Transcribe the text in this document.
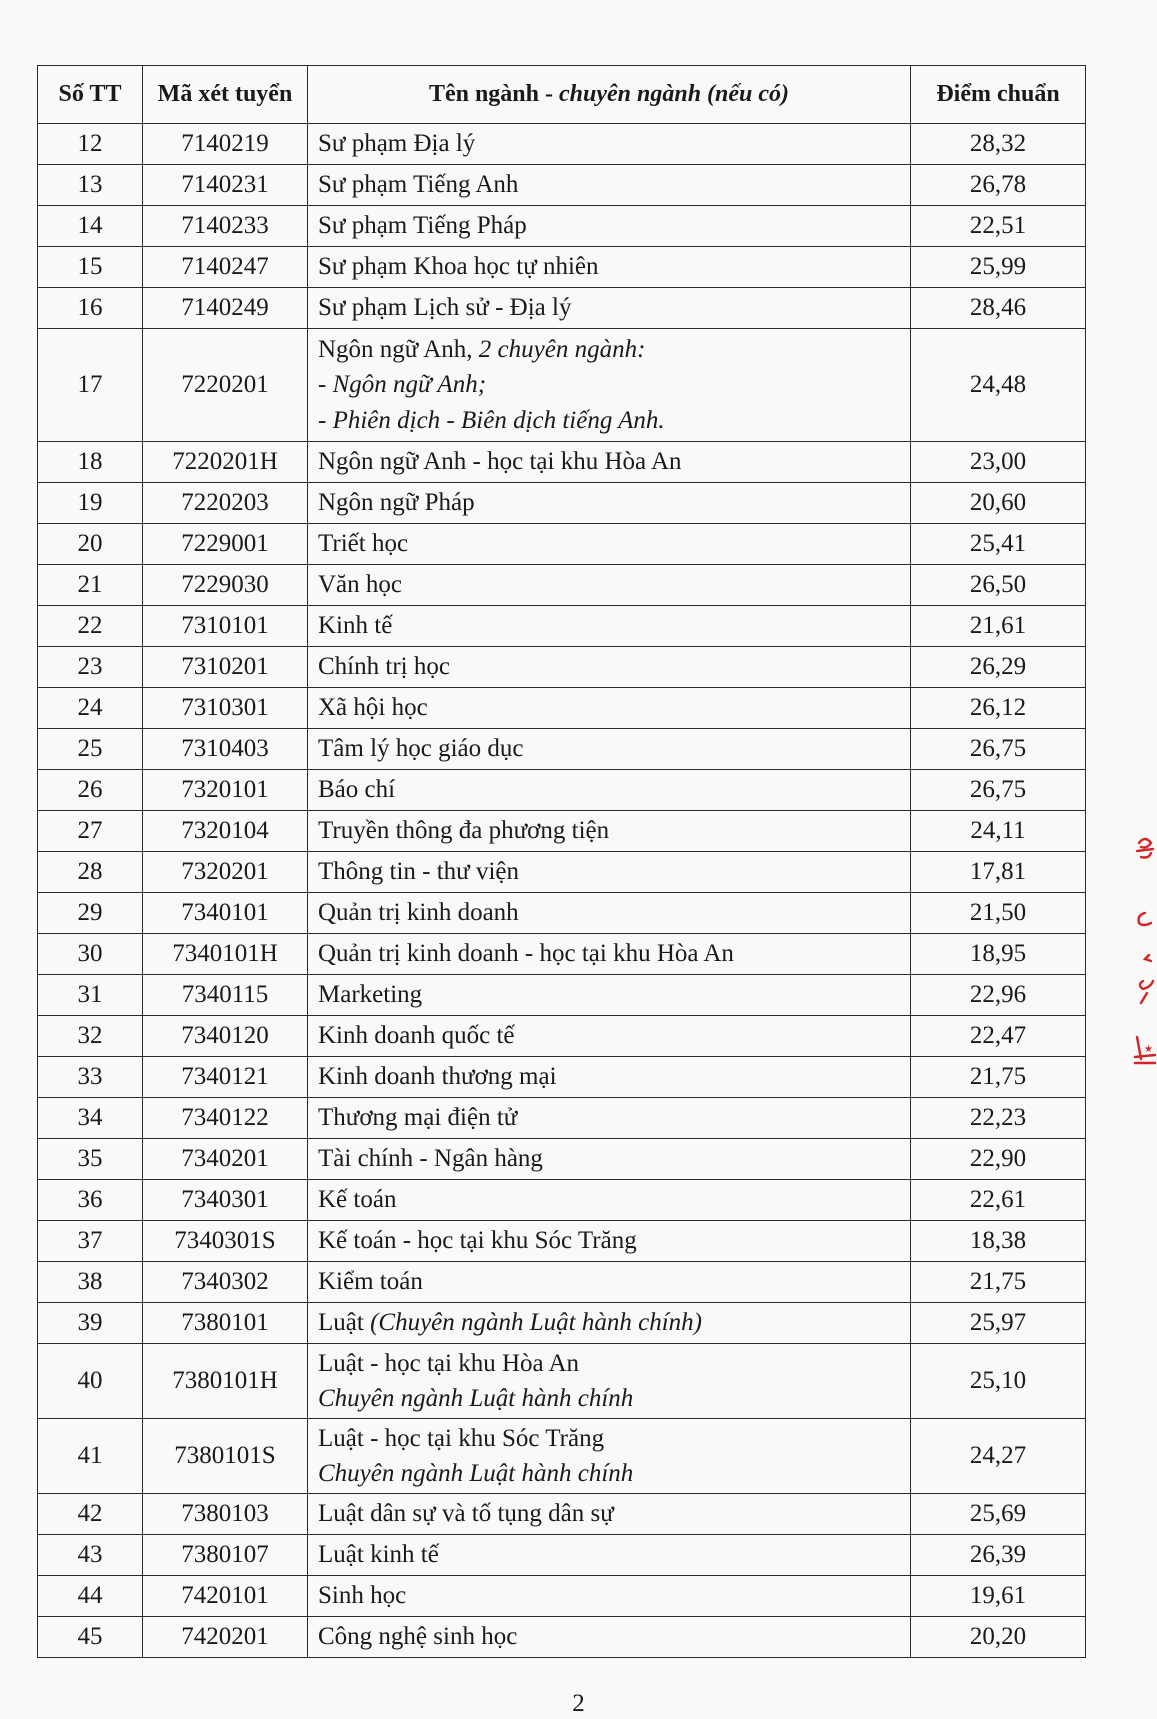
Số TT	Mã xét tuyển	Tên ngành - chuyên ngành (nếu có)	Điểm chuẩn
12	7140219	Sư phạm Địa lý	28,32
13	7140231	Sư phạm Tiếng Anh	26,78
14	7140233	Sư phạm Tiếng Pháp	22,51
15	7140247	Sư phạm Khoa học tự nhiên	25,99
16	7140249	Sư phạm Lịch sử - Địa lý	28,46
17	7220201	Ngôn ngữ Anh, 2 chuyên ngành:
- Ngôn ngữ Anh;
- Phiên dịch - Biên dịch tiếng Anh.	24,48
18	7220201H	Ngôn ngữ Anh - học tại khu Hòa An	23,00
19	7220203	Ngôn ngữ Pháp	20,60
20	7229001	Triết học	25,41
21	7229030	Văn học	26,50
22	7310101	Kinh tế	21,61
23	7310201	Chính trị học	26,29
24	7310301	Xã hội học	26,12
25	7310403	Tâm lý học giáo dục	26,75
26	7320101	Báo chí	26,75
27	7320104	Truyền thông đa phương tiện	24,11
28	7320201	Thông tin - thư viện	17,81
29	7340101	Quản trị kinh doanh	21,50
30	7340101H	Quản trị kinh doanh - học tại khu Hòa An	18,95
31	7340115	Marketing	22,96
32	7340120	Kinh doanh quốc tế	22,47
33	7340121	Kinh doanh thương mại	21,75
34	7340122	Thương mại điện tử	22,23
35	7340201	Tài chính - Ngân hàng	22,90
36	7340301	Kế toán	22,61
37	7340301S	Kế toán - học tại khu Sóc Trăng	18,38
38	7340302	Kiểm toán	21,75
39	7380101	Luật (Chuyên ngành Luật hành chính)	25,97
40	7380101H	Luật - học tại khu Hòa An
Chuyên ngành Luật hành chính	25,10
41	7380101S	Luật - học tại khu Sóc Trăng
Chuyên ngành Luật hành chính	24,27
42	7380103	Luật dân sự và tố tụng dân sự	25,69
43	7380107	Luật kinh tế	26,39
44	7420101	Sinh học	19,61
45	7420201	Công nghệ sinh học	20,20
2
★
